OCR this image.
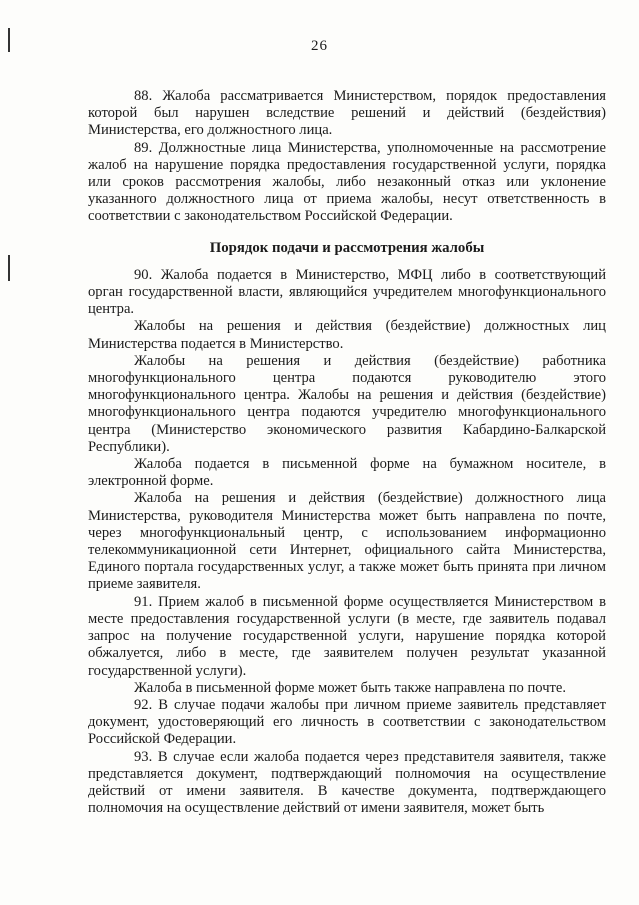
26

88. Жалоба рассматривается Министерством, порядок предоставления которой был нарушен вследствие решений и действий (бездействия) Министерства, его должностного лица.

89. Должностные лица Министерства, уполномоченные на рассмотрение жалоб на нарушение порядка предоставления государственной услуги, порядка или сроков рассмотрения жалобы, либо незаконный отказ или уклонение указанного должностного лица от приема жалобы, несут ответственность в соответствии с законодательством Российской Федерации.

Порядок подачи и рассмотрения жалобы

90. Жалоба подается в Министерство, МФЦ либо в соответствующий орган государственной власти, являющийся учредителем многофункционального центра.

Жалобы на решения и действия (бездействие) должностных лиц Министерства подается в Министерство.

Жалобы на решения и действия (бездействие) работника многофункционального центра подаются руководителю этого многофункционального центра. Жалобы на решения и действия (бездействие) многофункционального центра подаются учредителю многофункционального центра (Министерство экономического развития Кабардино-Балкарской Республики).

Жалоба подается в письменной форме на бумажном носителе, в электронной форме.

Жалоба на решения и действия (бездействие) должностного лица Министерства, руководителя Министерства может быть направлена по почте, через многофункциональный центр, с использованием информационно телекоммуникационной сети Интернет, официального сайта Министерства, Единого портала государственных услуг, а также может быть принята при личном приеме заявителя.

91. Прием жалоб в письменной форме осуществляется Министерством в месте предоставления государственной услуги (в месте, где заявитель подавал запрос на получение государственной услуги, нарушение порядка которой обжалуется, либо в месте, где заявителем получен результат указанной государственной услуги).

Жалоба в письменной форме может быть также направлена по почте.

92. В случае подачи жалобы при личном приеме заявитель представляет документ, удостоверяющий его личность в соответствии с законодательством Российской Федерации.

93. В случае если жалоба подается через представителя заявителя, также представляется документ, подтверждающий полномочия на осуществление действий от имени заявителя. В качестве документа, подтверждающего полномочия на осуществление действий от имени заявителя, может быть
